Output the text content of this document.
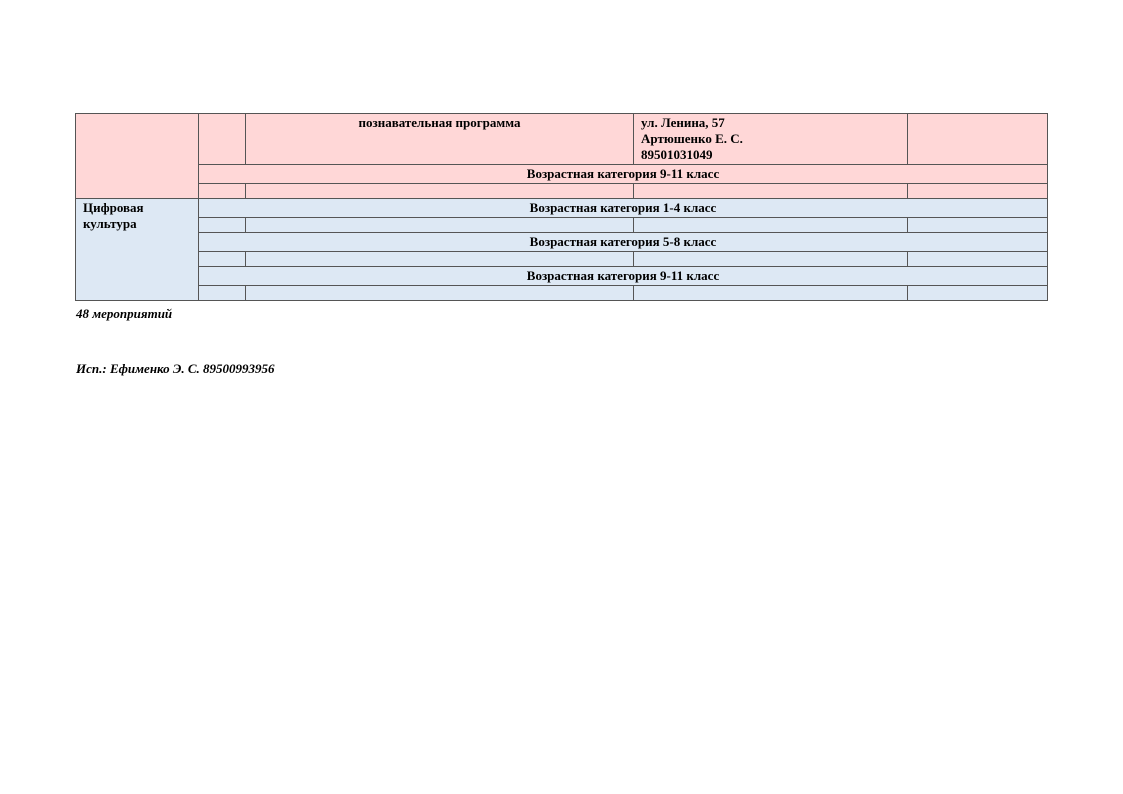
		познавательная программа	ул. Ленина, 57
Артюшенко Е. С.
89501031049	

	Возрастная категория 9-11 класс			

Цифровая культура	Возрастная категория 1-4 класс			

	Возрастная категория 5-8 класс			

	Возрастная категория 9-11 класс			

48 мероприятий
Исп.: Ефименко Э. С. 89500993956
